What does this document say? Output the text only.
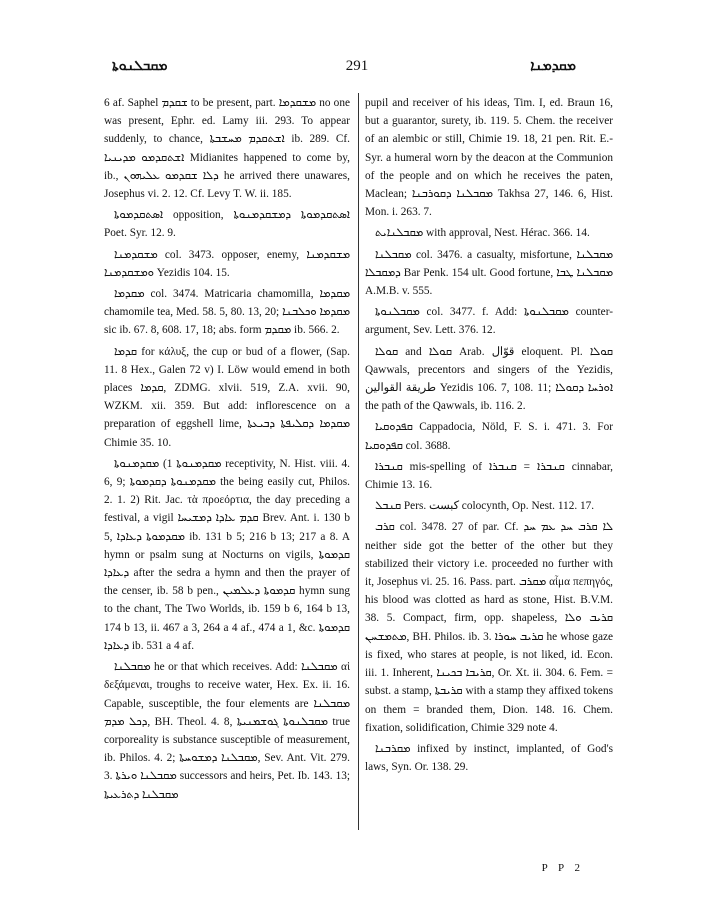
ܡܩܒܠܢܘܬܐ	291	ܡܩܕܡܢܐ

6 af. Saphel ܫܩܕܡ to be present, part. ܡܫܩܕܡܐ no one was present, Ephr. ed. Lamy iii. 293. To appear suddenly, to chance, ܐܫܬܩܕܡ ܡܚܫܒܬܐ ib. 289. Cf. ܐܫܬܩܕܡܘ ܡܕܝܢܝܐ Midianites happened to come by, ib., ܕܠܐ ܫܩܕܡܘ ܥܠܝܗܘܢ he arrived there unawares, Josephus vi. 2. 12. Cf. Levy T. W. ii. 185.

ܐܣܬܩܕܡܘܬܐ opposition, ܐܣܬܩܕܡܘܬܐ ܕܡܫܩܕܡܢܘܬܐ Poet. Syr. 12. 9.

ܡܫܩܕܡܢܐ col. 3473. opposer, enemy, ܡܫܩܕܡܢܐ ܘܡܫܩܕܡܢܐ Yezidis 104. 15.

ܡܩܕܡܐ col. 3474. Matricaria chamomilla, ܡܩܕܡܐ chamomile tea, Med. 58. 5, 80. 13, 20; ܡܩܕܡܐ ܘܟܠܒܢܐ sic ib. 67. 8, 608. 17, 18; abs. form ܡܩܕܡ ib. 566. 2.

ܩܕܡܐ for κάλυξ, the cup or bud of a flower, (Sap. 11. 8 Hex., Galen 72 v) I. Löw would emend in both places ܩܕܡܐ, ZDMG. xlvii. 519, Z.A. xvii. 90, WZKM. xii. 359. But add: inflorescence on a preparation of eggshell lime, ܡܩܕܡܐ ܕܩܠܝܦܬܐ ܕܒܝܥܬܐ Chimie 35. 10.

ܡܩܕܡܢܘܬܐ 1) ܡܩܕܡܢܘܬܐ receptivity, N. Hist. viii. 4. 6, 9; ܡܩܕܡܢܘܬܐ ܕܩܕܡܘܬܐ the being easily cut, Philos. 2. 1. 2) Rit. Jac. τὰ προεόρτια, the day preceding a festival, a vigil ܩܕܡ ܥܐܕܐ ܕܡܫܝܚܐ Brev. Ant. i. 130 b 5, ܡܩܕܡܘܬܐ ܕܥܐܕܐ ib. 131 b 5; 216 b 13; 217 a 8. A hymn or psalm sung at Nocturns on vigils, ܩܕܡܘܬܐ ܕܥܐܕܐ after the sedra a hymn and then the prayer of the censer, ib. 58 b pen., ܩܕܡܘܬܐ ܕܥܠܡܝܢ hymn sung to the chant, The Two Worlds, ib. 159 b 6, 164 b 13, 174 b 13, ii. 467 a 3, 264 a 4 af., 474 a 1, &c. ܩܕܡܘܬܐ ܕܥܐܕܐ ib. 531 a 4 af.

ܡܩܒܠܢܐ he or that which receives. Add: ܡܩܒܠܢܐ αἱ δεξάμεναι, troughs to receive water, Hex. Ex. ii. 16. Capable, susceptible, the four elements are ܡܩܒܠܢܐ ܕܟܠ ܡܕܡ, BH. Theol. 4. 8, ܡܩܒܠܢܘܬܐ ܓܘܫܡܢܝܬܐ true corporeality is substance susceptible of measurement, ib. Philos. 4. 2; ܡܩܒܠܢܐ ܕܡܫܘܚܬܐ, Sev. Ant. Vit. 279. 3. ܡܩܒܠܢܐ ܘܝܪܬܐ successors and heirs, Pet. Ib. 143. 13; ܡܩܒܠܢܐ ܕܬܪܥܝܬܐ

pupil and receiver of his ideas, Tim. I, ed. Braun 16, but a guarantor, surety, ib. 119. 5. Chem. the receiver of an alembic or still, Chimie 19. 18, 21 pen. Rit. E.-Syr. a humeral worn by the deacon at the Communion of the people and on which he receives the paten, Maclean; ܡܩܒܠܢܐ ܕܩܘܪܒܢܐ Takhsa 27, 146. 6, Hist. Mon. i. 263. 7.

ܡܩܒܠܢܐܝܬ with approval, Nest. Hérac. 366. 14.

ܡܩܒܠܢܐ col. 3476. a casualty, misfortune, ܡܩܒܠܢܐ ܕܡܩܒܠܐ Bar Penk. 154 ult. Good fortune, ܡܩܒܠܢܐ ܛܒܐ A.M.B. v. 555.

ܡܩܒܠܢܘܬܐ col. 3477. f. Add: ܡܩܒܠܢܘܬܐ counter-argument, Sev. Lett. 376. 12.

ܩܘܠܐ and ܩܘܠܐ Arab. قوّال eloquent. Pl. ܩܘܠܐ Qawwals, precentors and singers of the Yezidis, طريقة القوالين Yezidis 106. 7, 108. 11; ܐܘܪܚܐ ܕܩܘܠܐ the path of the Qawwals, ib. 116. 2.

ܩܦܕܘܩܝܐ Cappadocia, Nöld, F. S. i. 471. 3. For ܩܦܕܘܩܝܐ col. 3688.

ܩܢܒܪܐ mis-spelling of ܩܢܒܪܐ = ܩܢܒܪܐ cinnabar, Chimie 13. 16.

ܩܢܒܠ Pers. كبست colocynth, Op. Nest. 112. 17.

ܩܪܒ col. 3478. 27 of par. Cf. ܠܐ ܩܪܒ ܚܕ ܥܡ ܚܕ neither side got the better of the other but they stabilized their victory i.e. proceeded no further with it, Josephus vi. 25. 16. Pass. part. ܡܩܪܒ αἷμα πεπηγός, his blood was clotted as hard as stone, Hist. B.V.M. 38. 5. Compact, firm, opp. shapeless, ܩܪܝܒ ܘܠܐ ܡܬܡܫܚܢ, BH. Philos. ib. 3. ܩܪܝܒ ܚܘܪܐ he whose gaze is fixed, who stares at people, is not liked, id. Econ. iii. 1. Inherent, ܩܪܝܒܐ ܒܟܝܢܐ, Or. Xt. ii. 304. 6. Fem. = subst. a stamp, ܩܪܝܒܬܐ with a stamp they affixed tokens on them = branded them, Dion. 148. 16. Chem. fixation, solidification, Chimie 329 note 4.

ܡܩܪܒܢܐ infixed by instinct, implanted, of God's laws, Syn. Or. 138. 29.

P P 2
